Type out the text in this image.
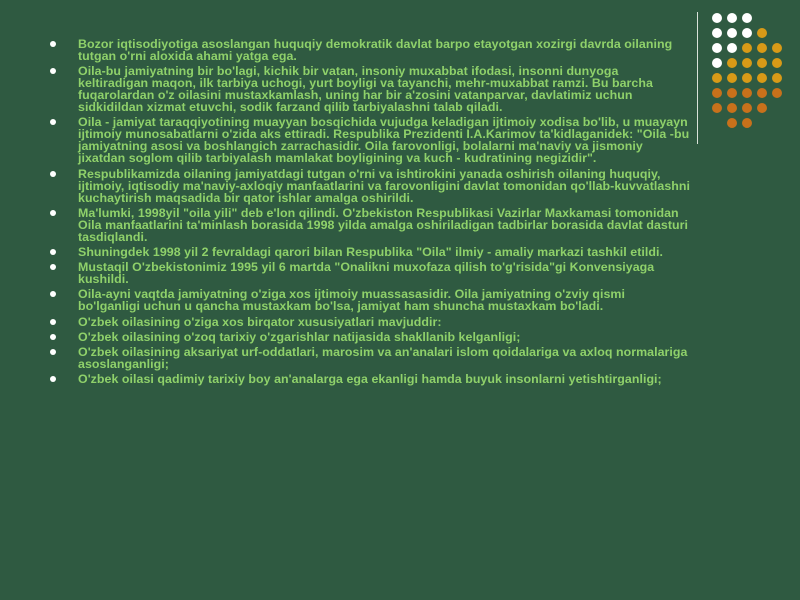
Bozor iqtisodiyotiga asoslangan huquqiy demokratik davlat barpo etayotgan xozirgi davrda oilaning tutgan o'rni aloxida ahami yatga ega.
Oila-bu jamiyatning bir bo'lagi, kichik bir vatan, insoniy muxabbat ifodasi, insonni dunyoga keltiradigan maqon, ilk tarbiya uchogi, yurt boyligi va tayanchi, mehr-muxabbat ramzi. Bu barcha fuqarolardan o'z oilasini mustaxkamlash, uning har bir a'zosini vatanparvar, davlatimiz uchun sidkidildan xizmat etuvchi, sodik farzand qilib tarbiyalashni talab qiladi.
Oila - jamiyat taraqqiyotining muayyan bosqichida vujudga keladigan ijtimoiy xodisa bo'lib, u muayayn ijtimoiy munosabatlarni o'zida aks ettiradi. Respublika Prezidenti I.A.Karimov ta'kidlaganidek: "Oila -bu jamiyatning asosi va boshlangich zarrachasidir. Oila farovonligi, bolalarni ma'naviy va jismoniy jixatdan soglom qilib tarbiyalash mamlakat boyligining va kuch - kudratining negizidir".
Respublikamizda oilaning jamiyatdagi tutgan o'rni va ishtirokini yanada oshirish oilaning huquqiy, ijtimoiy, iqtisodiy ma'naviy-axloqiy manfaatlarini va farovonligini davlat tomonidan qo'llab-kuvvatlashni kuchaytirish maqsadida bir qator ishlar amalga oshirildi.
Ma'lumki, 1998yil "oila yili" deb e'lon qilindi. O'zbekiston Respublikasi Vazirlar Maxkamasi tomonidan Oila manfaatlarini ta'minlash borasida 1998 yilda amalga oshiriladigan tadbirlar borasida davlat dasturi tasdiqlandi.
Shuningdek 1998 yil 2 fevraldagi qarori bilan Respublika "Oila" ilmiy - amaliy markazi tashkil etildi.
Mustaqil O'zbekistonimiz 1995 yil 6 martda "Onalikni muxofaza qilish to'g'risida"gi Konvensiyaga kushildi.
Oila-ayni vaqtda jamiyatning o'ziga xos ijtimoiy muassasasidir. Oila jamiyatning o'zviy qismi bo'lganligi uchun u qancha mustaxkam bo'lsa, jamiyat ham shuncha mustaxkam bo'ladi.
O'zbek oilasining o'ziga xos birqator xususiyatlari mavjuddir:
O'zbek oilasining o'zoq tarixiy o'zgarishlar natijasida shakllanib kelganligi;
O'zbek oilasining aksariyat urf-oddatlari, marosim va an'analari islom qoidalariga va axloq normalariga asoslanganligi;
O'zbek oilasi qadimiy tarixiy boy an'analarga ega ekanligi hamda buyuk insonlarni yetishtirganligi;
